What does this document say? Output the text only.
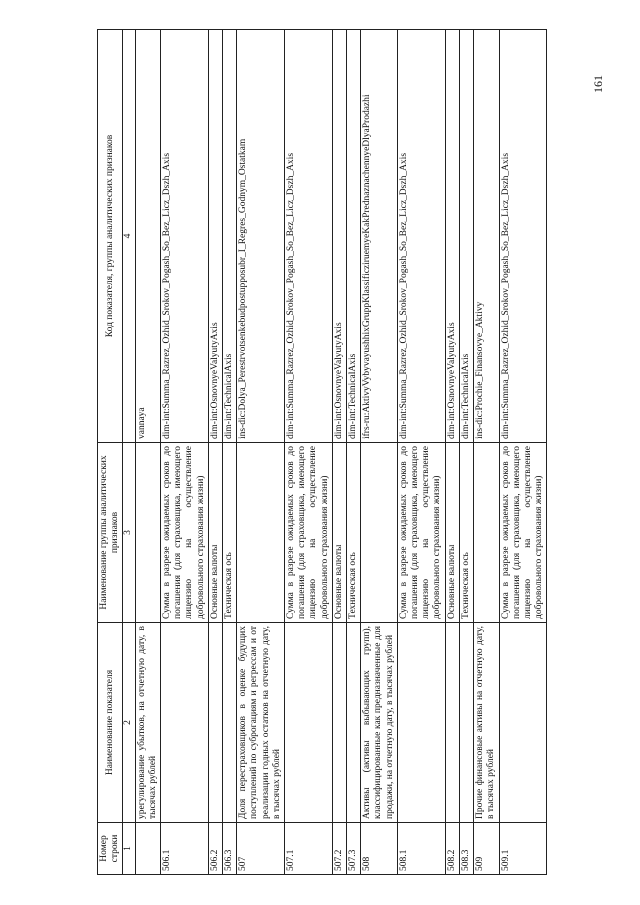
161
Номер строки	Наименование показателя	Наименование группы аналитических признаков	Код показателя, группы аналитических признаков
1	2	3	4
	урегулирование убытков, на отчетную дату, в тысячах рублей		vannaya
506.1		Сумма в разрезе ожидаемых сроков до погашения (для страховщика, имеющего лицензию на осуществление добровольного страхования жизни)	dim-int:Summa_Razrez_Ozhid_Srokov_Pogash_So_Bez_Licz_Dszh_Axis
506.2		Основные валюты	dim-int:OsnovnyeValyutyAxis
506.3		Техническая ось	dim-int:TechnicalAxis
507	Доля перестраховщиков в оценке будущих поступлений по суброгациям и регрессам и от реализации годных остатков на отчетную дату, в тысячах рублей		ins-dic:Dolya_Perestrvotsenkebudpostupposubr_I_Regres_Godnym_Ostatkam
507.1		Сумма в разрезе ожидаемых сроков до погашения (для страховщика, имеющего лицензию на осуществление добровольного страхования жизни)	dim-int:Summa_Razrez_Ozhid_Srokov_Pogash_So_Bez_Licz_Dszh_Axis
507.2		Основные валюты	dim-int:OsnovnyeValyutyAxis
507.3		Техническая ось	dim-int:TechnicalAxis
508	Активы (активы выбывающих групп), классифицированные как предназначенные для продажи, на отчетную дату, в тысячах рублей		ifrs-ru:AktivyVybyvayushhixGruppKlassificziruemyeKakPrednaznachennyeDlyaProdazhi
508.1		Сумма в разрезе ожидаемых сроков до погашения (для страховщика, имеющего лицензию на осуществление добровольного страхования жизни)	dim-int:Summa_Razrez_Ozhid_Srokov_Pogash_So_Bez_Licz_Dszh_Axis
508.2		Основные валюты	dim-int:OsnovnyeValyutyAxis
508.3		Техническая ось	dim-int:TechnicalAxis
509	Прочие финансовые активы на отчетную дату, в тысячах рублей		ins-dic:Prochie_Finansovye_Aktivy
509.1		Сумма в разрезе ожидаемых сроков до погашения (для страховщика, имеющего лицензию на осуществление добровольного страхования жизни)	dim-int:Summa_Razrez_Ozhid_Srokov_Pogash_So_Bez_Licz_Dszh_Axis
